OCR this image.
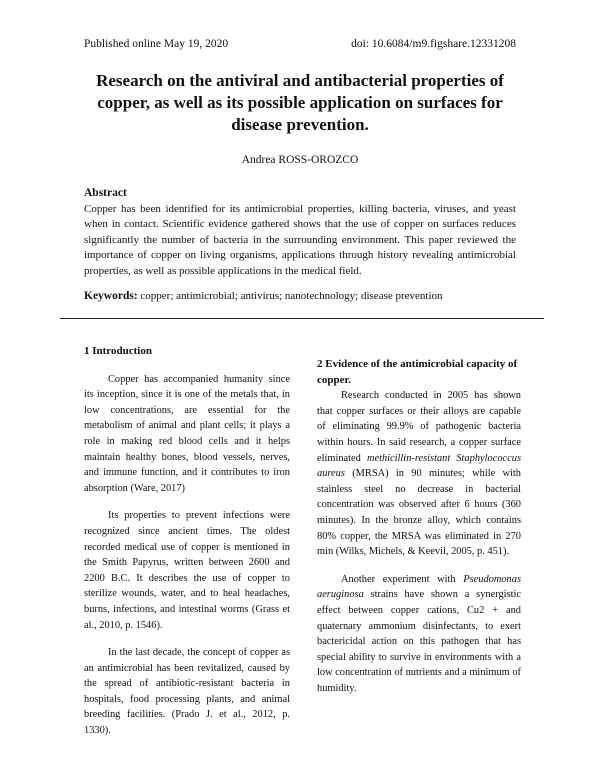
Published online May 19, 2020	doi: 10.6084/m9.figshare.12331208
Research on the antiviral and antibacterial properties of copper, as well as its possible application on surfaces for disease prevention.
Andrea ROSS-OROZCO
Abstract
Copper has been identified for its antimicrobial properties, killing bacteria, viruses, and yeast when in contact. Scientific evidence gathered shows that the use of copper on surfaces reduces significantly the number of bacteria in the surrounding environment. This paper reviewed the importance of copper on living organisms, applications through history revealing antimicrobial properties, as well as possible applications in the medical field.
Keywords: copper; antimicrobial; antivirus; nanotechnology; disease prevention
1 Introduction

Copper has accompanied humanity since its inception, since it is one of the metals that, in low concentrations, are essential for the metabolism of animal and plant cells; it plays a role in making red blood cells and it helps maintain healthy bones, blood vessels, nerves, and immune function, and it contributes to iron absorption (Ware, 2017)

Its properties to prevent infections were recognized since ancient times. The oldest recorded medical use of copper is mentioned in the Smith Papyrus, written between 2600 and 2200 B.C. It describes the use of copper to sterilize wounds, water, and to heal headaches, burns, infections, and intestinal worms (Grass et al., 2010, p. 1546).

In the last decade, the concept of copper as an antimicrobial has been revitalized, caused by the spread of antibiotic-resistant bacteria in hospitals, food processing plants, and animal breeding facilities. (Prado J. et al., 2012, p. 1330).

2 Evidence of the antimicrobial capacity of copper.

Research conducted in 2005 has shown that copper surfaces or their alloys are capable of eliminating 99.9% of pathogenic bacteria within hours. In said research, a copper surface eliminated methicillin-resistant Staphylococcus aureus (MRSA) in 90 minutes; while with stainless steel no decrease in bacterial concentration was observed after 6 hours (360 minutes). In the bronze alloy, which contains 80% copper, the MRSA was eliminated in 270 min (Wilks, Michels, & Keevil, 2005, p. 451).

Another experiment with Pseudomonas aeruginosa strains have shown a synergistic effect between copper cations, Cu2 + and quaternary ammonium disinfectants, to exert bactericidal action on this pathogen that has special ability to survive in environments with a low concentration of nutrients and a minimum of humidity.
